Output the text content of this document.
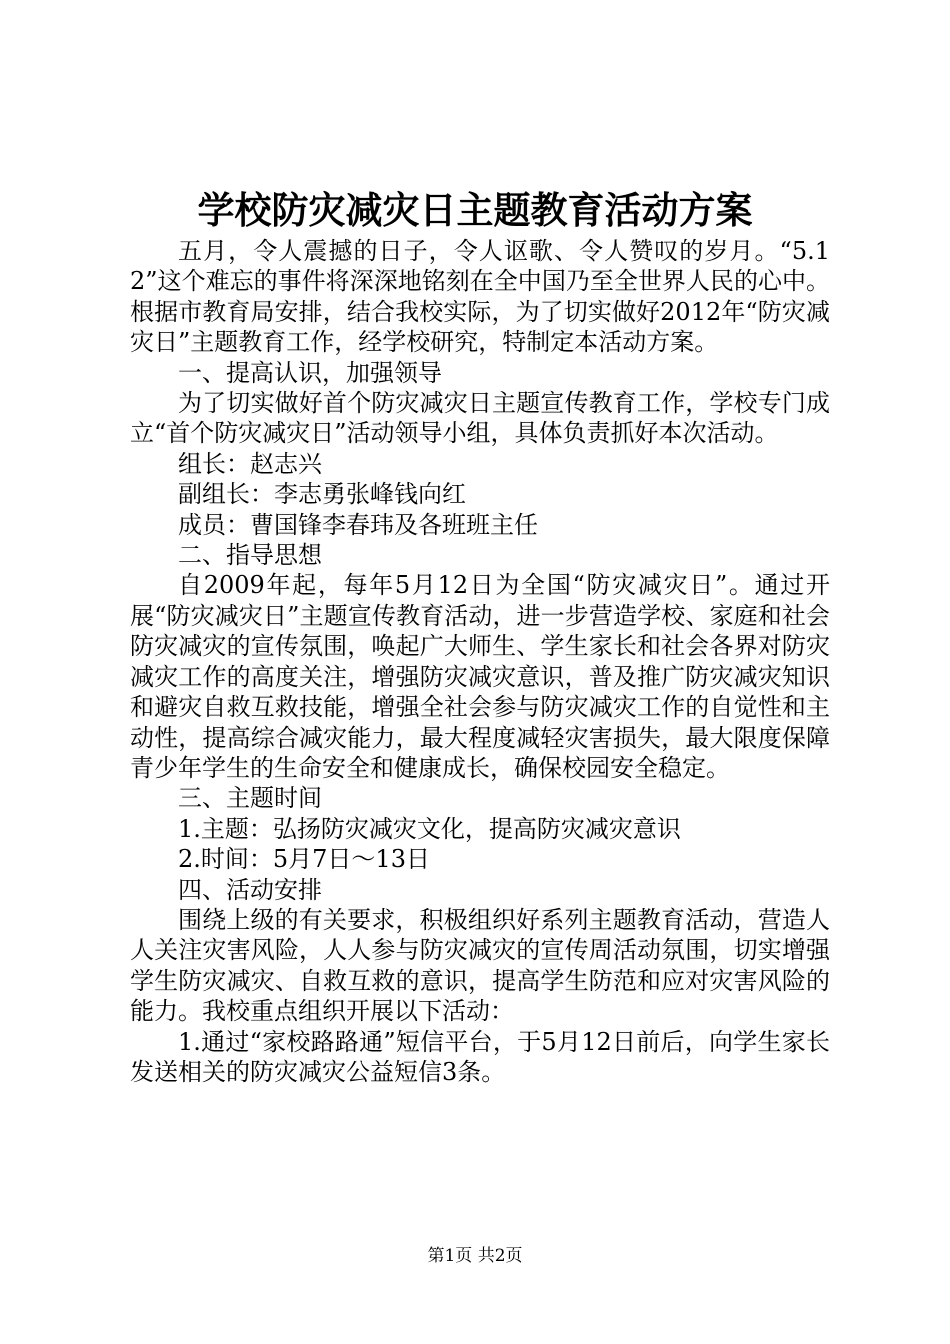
学校防灾减灾日主题教育活动方案

五月，令人震撼的日子，令人讴歌、令人赞叹的岁月。“5.12”这个难忘的事件将深深地铭刻在全中国乃至全世界人民的心中。根据市教育局安排，结合我校实际，为了切实做好2012年“防灾减灾日”主题教育工作，经学校研究，特制定本活动方案。

一、提高认识，加强领导

为了切实做好首个防灾减灾日主题宣传教育工作，学校专门成立“首个防灾减灾日”活动领导小组，具体负责抓好本次活动。

组长：赵志兴

副组长：李志勇张峰钱向红

成员：曹国锋李春玮及各班班主任

二、指导思想

自2009年起，每年5月12日为全国“防灾减灾日”。通过开展“防灾减灾日”主题宣传教育活动，进一步营造学校、家庭和社会防灾减灾的宣传氛围，唤起广大师生、学生家长和社会各界对防灾减灾工作的高度关注，增强防灾减灾意识，普及推广防灾减灾知识和避灾自救互救技能，增强全社会参与防灾减灾工作的自觉性和主动性，提高综合减灾能力，最大程度减轻灾害损失，最大限度保障青少年学生的生命安全和健康成长，确保校园安全稳定。

三、主题时间

1.主题：弘扬防灾减灾文化，提高防灾减灾意识

2.时间：5月7日～13日

四、活动安排

围绕上级的有关要求，积极组织好系列主题教育活动，营造人人关注灾害风险，人人参与防灾减灾的宣传周活动氛围，切实增强学生防灾减灾、自救互救的意识，提高学生防范和应对灾害风险的能力。我校重点组织开展以下活动：

1.通过“家校路路通”短信平台，于5月12日前后，向学生家长发送相关的防灾减灾公益短信3条。

第1页 共2页
